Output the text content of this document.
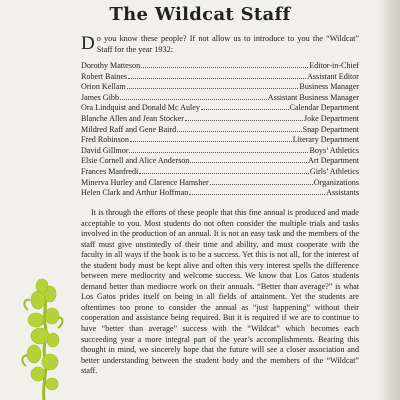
The Wildcat Staff
Do you know these people? If not allow us to introduce to you the “Wildcat” Staff for the year 1932:
Dorothy Matteson	Editor-in-Chief
Robert Baines	Assistant Editor
Orion Kellam	Business Manager
James Gibb	Assistant Business Manager
Ora Lindquist and Donald Mc Auley	Calendar Department
Blanche Allen and Jean Stocker	Joke Department
Mildred Raff and Gene Baird	Snap Department
Fred Robinson	Literary Department
David Gillmor	Boys’ Athletics
Elsie Cornell and Alice Anderson	Art Department
Frances Manfredi	Girls’ Athletics
Minerva Hurley and Clarence Hamsher	Organizations
Helen Clark and Arthur Hoffman	Assistants

It is through the efforts of these people that this fine annual is produced and made acceptable to you. Most students do not often consider the multiple trials and tasks involved in the production of an annual. It is not an easy task and the members of the staff must give unstintedly of their time and ability, and must cooperate with the faculty in all ways if the book is to be a success. Yet this is not all, for the interest of the student body must be kept alive and often this very interest spells the difference between mere mediocrity and welcome success. We know that Los Gatos students demand better than mediocre work on their annuals. “Better than average?” is what Los Gatos prides itself on being in all fields of attainment. Yet the students are oftentimes too prone to consider the annual as “just happening” without their cooperation and assistance being required. But it is required if we are to continue to have “better than average” success with the “Wildcat” which becomes each succeeding year a more integral part of the year’s accomplishments. Bearing this thought in mind, we sincerely hope that the future will see a closer association and better understanding between the student body and the members of the “Wildcat” staff.
